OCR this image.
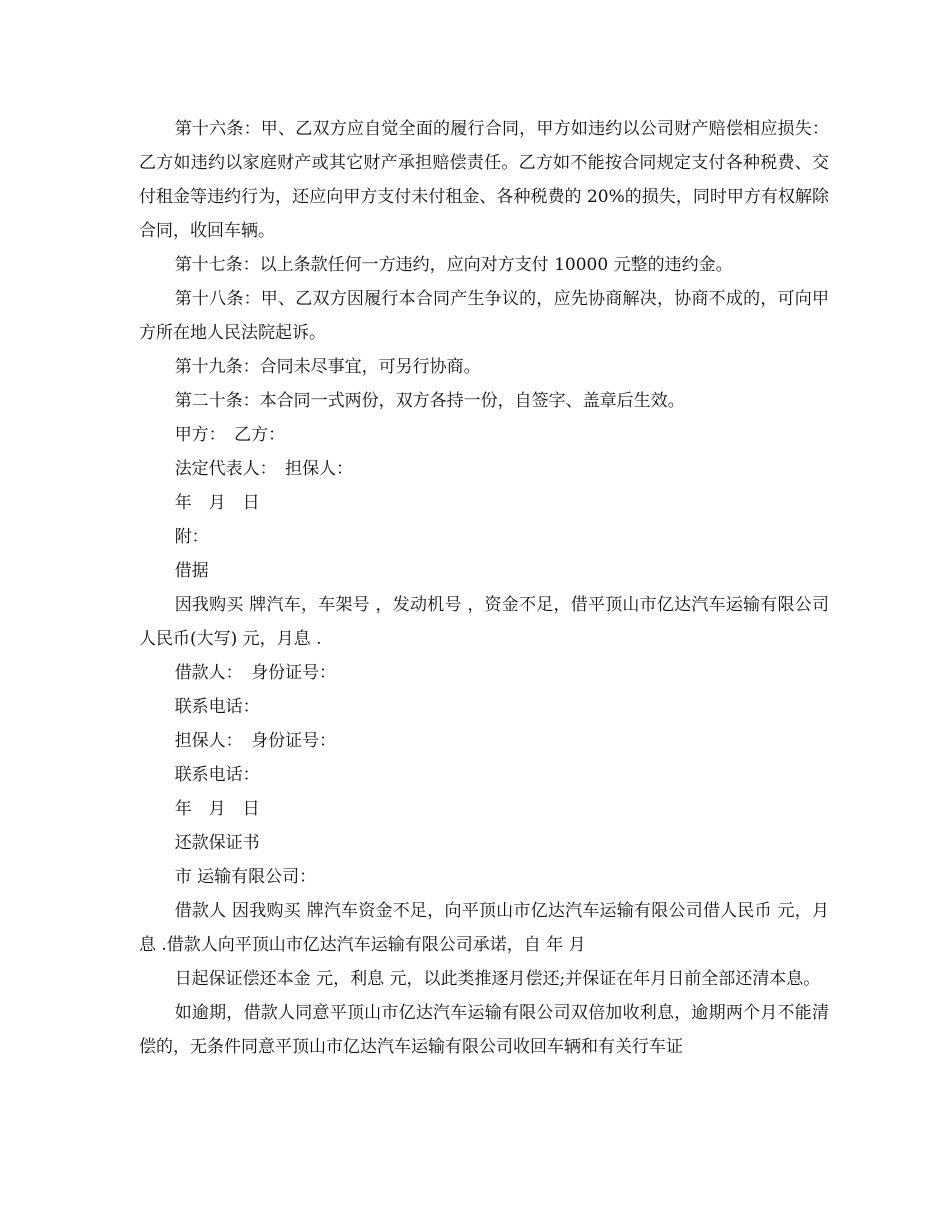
第十六条：甲、乙双方应自觉全面的履行合同，甲方如违约以公司财产赔偿相应损失：乙方如违约以家庭财产或其它财产承担赔偿责任。乙方如不能按合同规定支付各种税费、交付租金等违约行为，还应向甲方支付未付租金、各种税费的 20%的损失，同时甲方有权解除合同，收回车辆。

第十七条：以上条款任何一方违约，应向对方支付 10000 元整的违约金。

第十八条：甲、乙双方因履行本合同产生争议的，应先协商解决，协商不成的，可向甲方所在地人民法院起诉。

第十九条：合同未尽事宜，可另行协商。

第二十条：本合同一式两份，双方各持一份，自签字、盖章后生效。

甲方：　乙方：

法定代表人：　担保人：

年　月　日

附：

借据

因我购买 牌汽车，车架号 ，发动机号 ，资金不足，借平顶山市亿达汽车运输有限公司人民币(大写) 元，月息 .

借款人：　身份证号：

联系电话：

担保人：　身份证号：

联系电话：

年　月　日

还款保证书

市 运输有限公司：

借款人 因我购买 牌汽车资金不足，向平顶山市亿达汽车运输有限公司借人民币 元，月息 .借款人向平顶山市亿达汽车运输有限公司承诺，自 年 月

日起保证偿还本金 元，利息 元，以此类推逐月偿还;并保证在年月日前全部还清本息。

如逾期，借款人同意平顶山市亿达汽车运输有限公司双倍加收利息，逾期两个月不能清偿的，无条件同意平顶山市亿达汽车运输有限公司收回车辆和有关行车证
